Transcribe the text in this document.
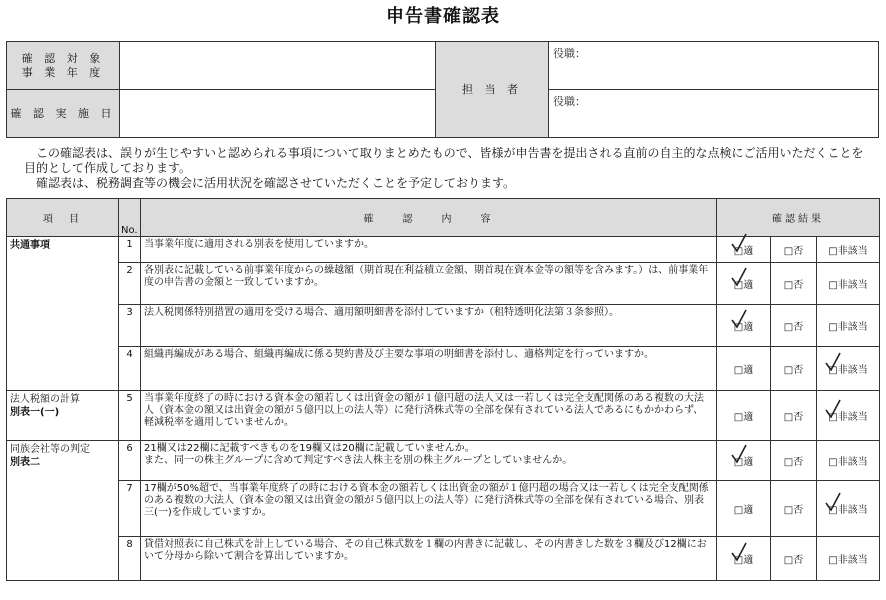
申告書確認表
確 認 対 象
事 業 年 度		担 当 者	役職：
確 認 実 施 日			役職：

この確認表は、誤りが生じやすいと認められる事項について取りまとめたもので、皆様が申告書を提出される直前の自主的な点検にご活用いただくことを目的として作成しております。

確認表は、税務調査等の機会に活用状況を確認させていただくことを予定しております。

項　目	No.	確　　認　　内　　容	確認結果		
共通事項	1	当事業年度に適用される別表を使用していますか。	□適	□否	□非該当
	2	各別表に記載している前事業年度からの繰越額（期首現在利益積立金額、期首現在資本金等の額等を含みます。）は、前事業年度の申告書の金額と一致していますか。	□適	□否	□非該当
	3	法人税関係特別措置の適用を受ける場合、適用額明細書を添付していますか（租特透明化法第３条参照）。	□適	□否	□非該当
	4	組織再編成がある場合、組織再編成に係る契約書及び主要な事項の明細書を添付し、適格判定を行っていますか。	□適	□否	□非該当

法人税額の計算
別表一(一)	5	当事業年度終了の時における資本金の額若しくは出資金の額が１億円超の法人又は一若しくは完全支配関係のある複数の大法人（資本金の額又は出資金の額が５億円以上の法人等）に発行済株式等の全部を保有されている法人であるにもかかわらず、軽減税率を適用していませんか。	□適	□否	□非該当

同族会社等の判定
別表二	6	21欄又は22欄に記載すべきものを19欄又は20欄に記載していませんか。
また、同一の株主グループに含めて判定すべき法人株主を別の株主グループとしていませんか。	□適	□否	□非該当
	7	17欄が50%超で、当事業年度終了の時における資本金の額若しくは出資金の額が１億円超の場合又は一若しくは完全支配関係のある複数の大法人（資本金の額又は出資金の額が５億円以上の法人等）に発行済株式等の全部を保有されている場合、別表三(一)を作成していますか。	□適	□否	□非該当

	8	貸借対照表に自己株式を計上している場合、その自己株式数を１欄の内書きに記載し、その内書きした数を３欄及び12欄において分母から除いて割合を算出していますか。	□適	□否	□非該当
